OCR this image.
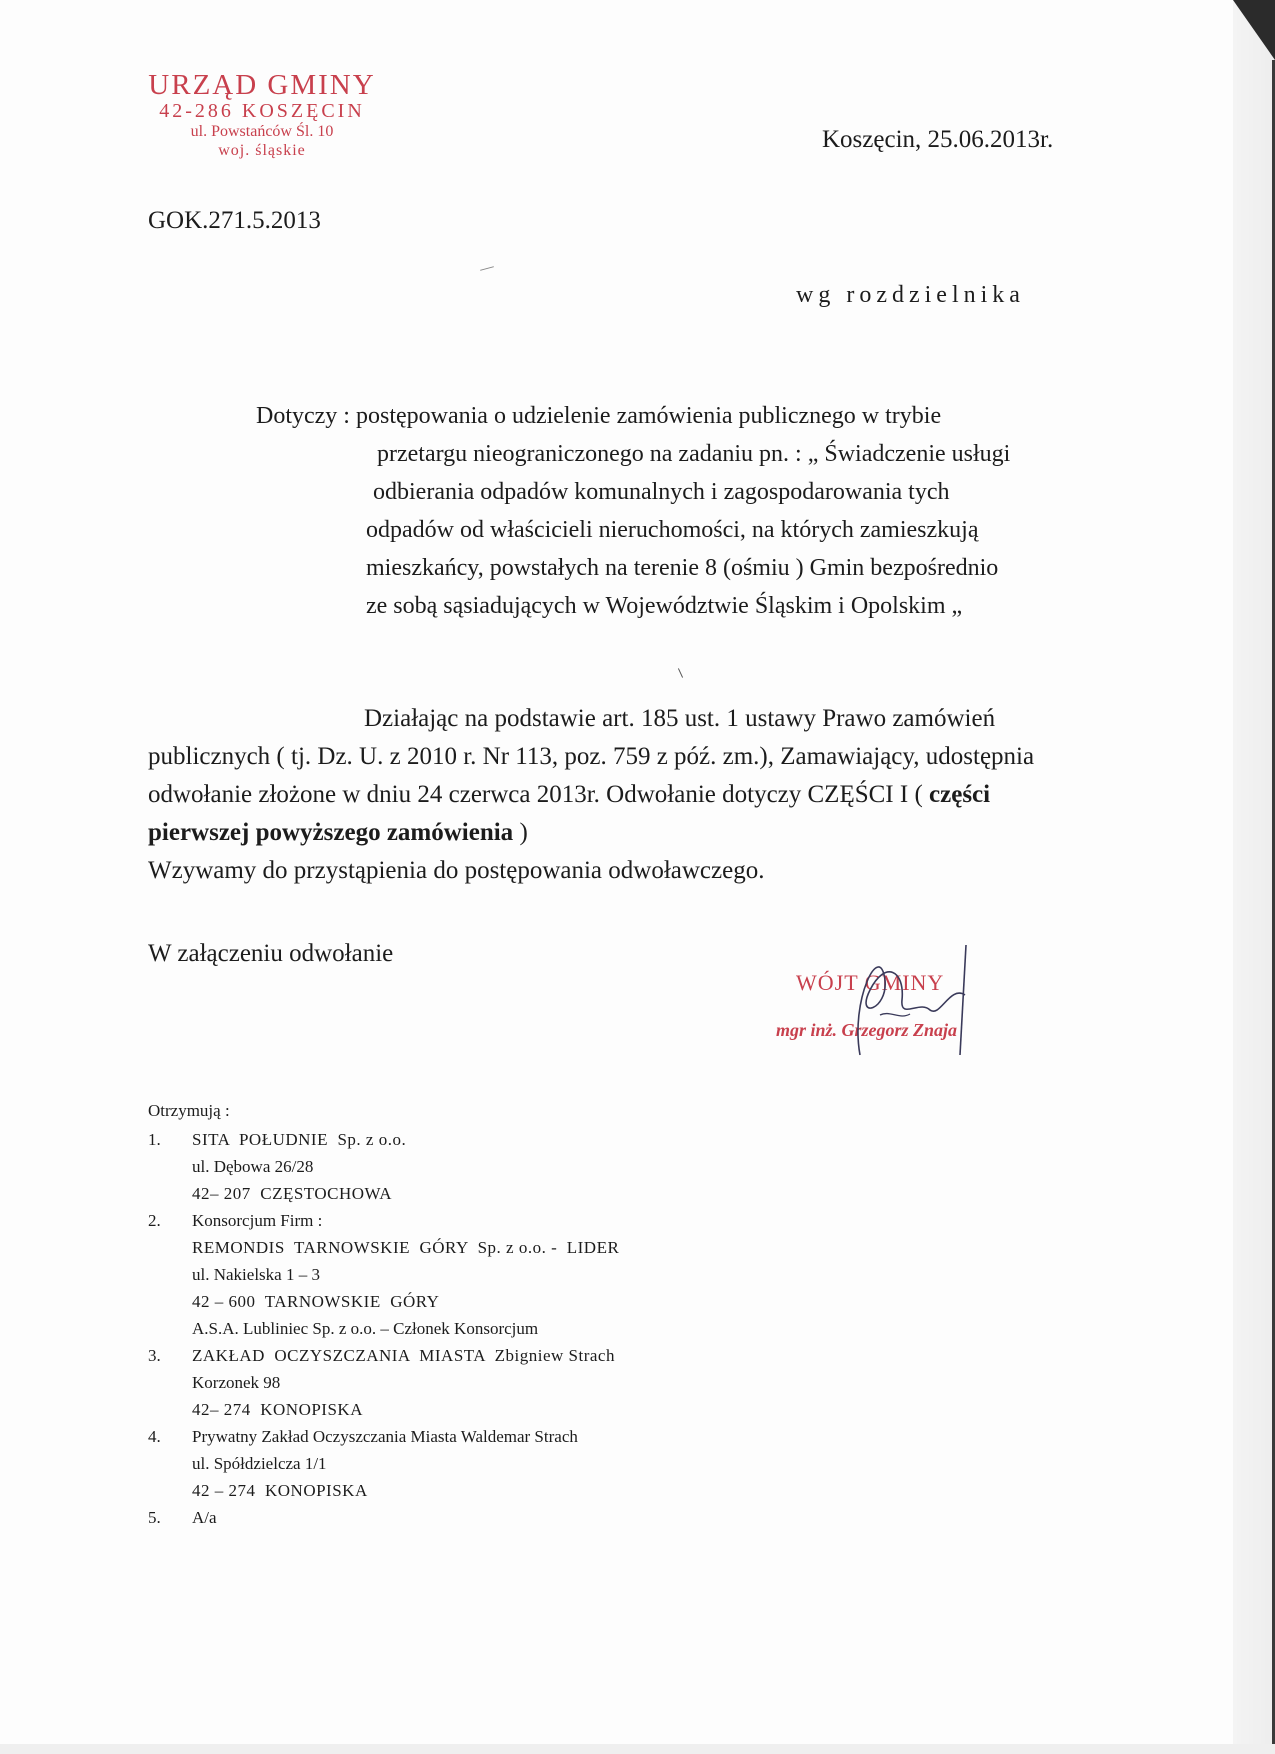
URZĄD GMINY
42-286 KOSZĘCIN
ul. Powstańców Śl. 10
woj. śląskie	Koszęcin, 25.06.2013r.
GOK.271.5.2013
wg rozdzielnika
Dotyczy : postępowania o udzielenie zamówienia publicznego w trybie
przetargu nieograniczonego na zadaniu pn. : „ Świadczenie usługi
odbierania odpadów komunalnych i zagospodarowania tych
odpadów od właścicieli nieruchomości, na których zamieszkują
mieszkańcy, powstałych na terenie 8 (ośmiu ) Gmin bezpośrednio
ze sobą sąsiadujących w Województwie Śląskim i Opolskim „
Działając na podstawie art. 185 ust. 1 ustawy Prawo zamówień
publicznych ( tj. Dz. U. z 2010 r. Nr 113, poz. 759 z póź. zm.), Zamawiający, udostępnia
odwołanie złożone w dniu 24 czerwca 2013r. Odwołanie dotyczy CZĘŚCI I ( części
pierwszej powyższego zamówienia )
Wzywamy do przystąpienia do postępowania odwoławczego.
W załączeniu odwołanie
WÓJT GMINY
mgr inż. Grzegorz Znaja
Otrzymują :
1.	SITA  POŁUDNIE  Sp. z o.o.
ul. Dębowa 26/28
42– 207  CZĘSTOCHOWA
2.	Konsorcjum Firm :
REMONDIS  TARNOWSKIE  GÓRY  Sp. z o.o. -  LIDER
ul. Nakielska 1 – 3
42 – 600  TARNOWSKIE  GÓRY
A.S.A. Lubliniec Sp. z o.o. – Członek Konsorcjum
3.	ZAKŁAD  OCZYSZCZANIA  MIASTA  Zbigniew Strach
Korzonek 98
42– 274  KONOPISKA
4.	Prywatny Zakład Oczyszczania Miasta Waldemar Strach
ul. Spółdzielcza 1/1
42 – 274  KONOPISKA
5.	A/a
